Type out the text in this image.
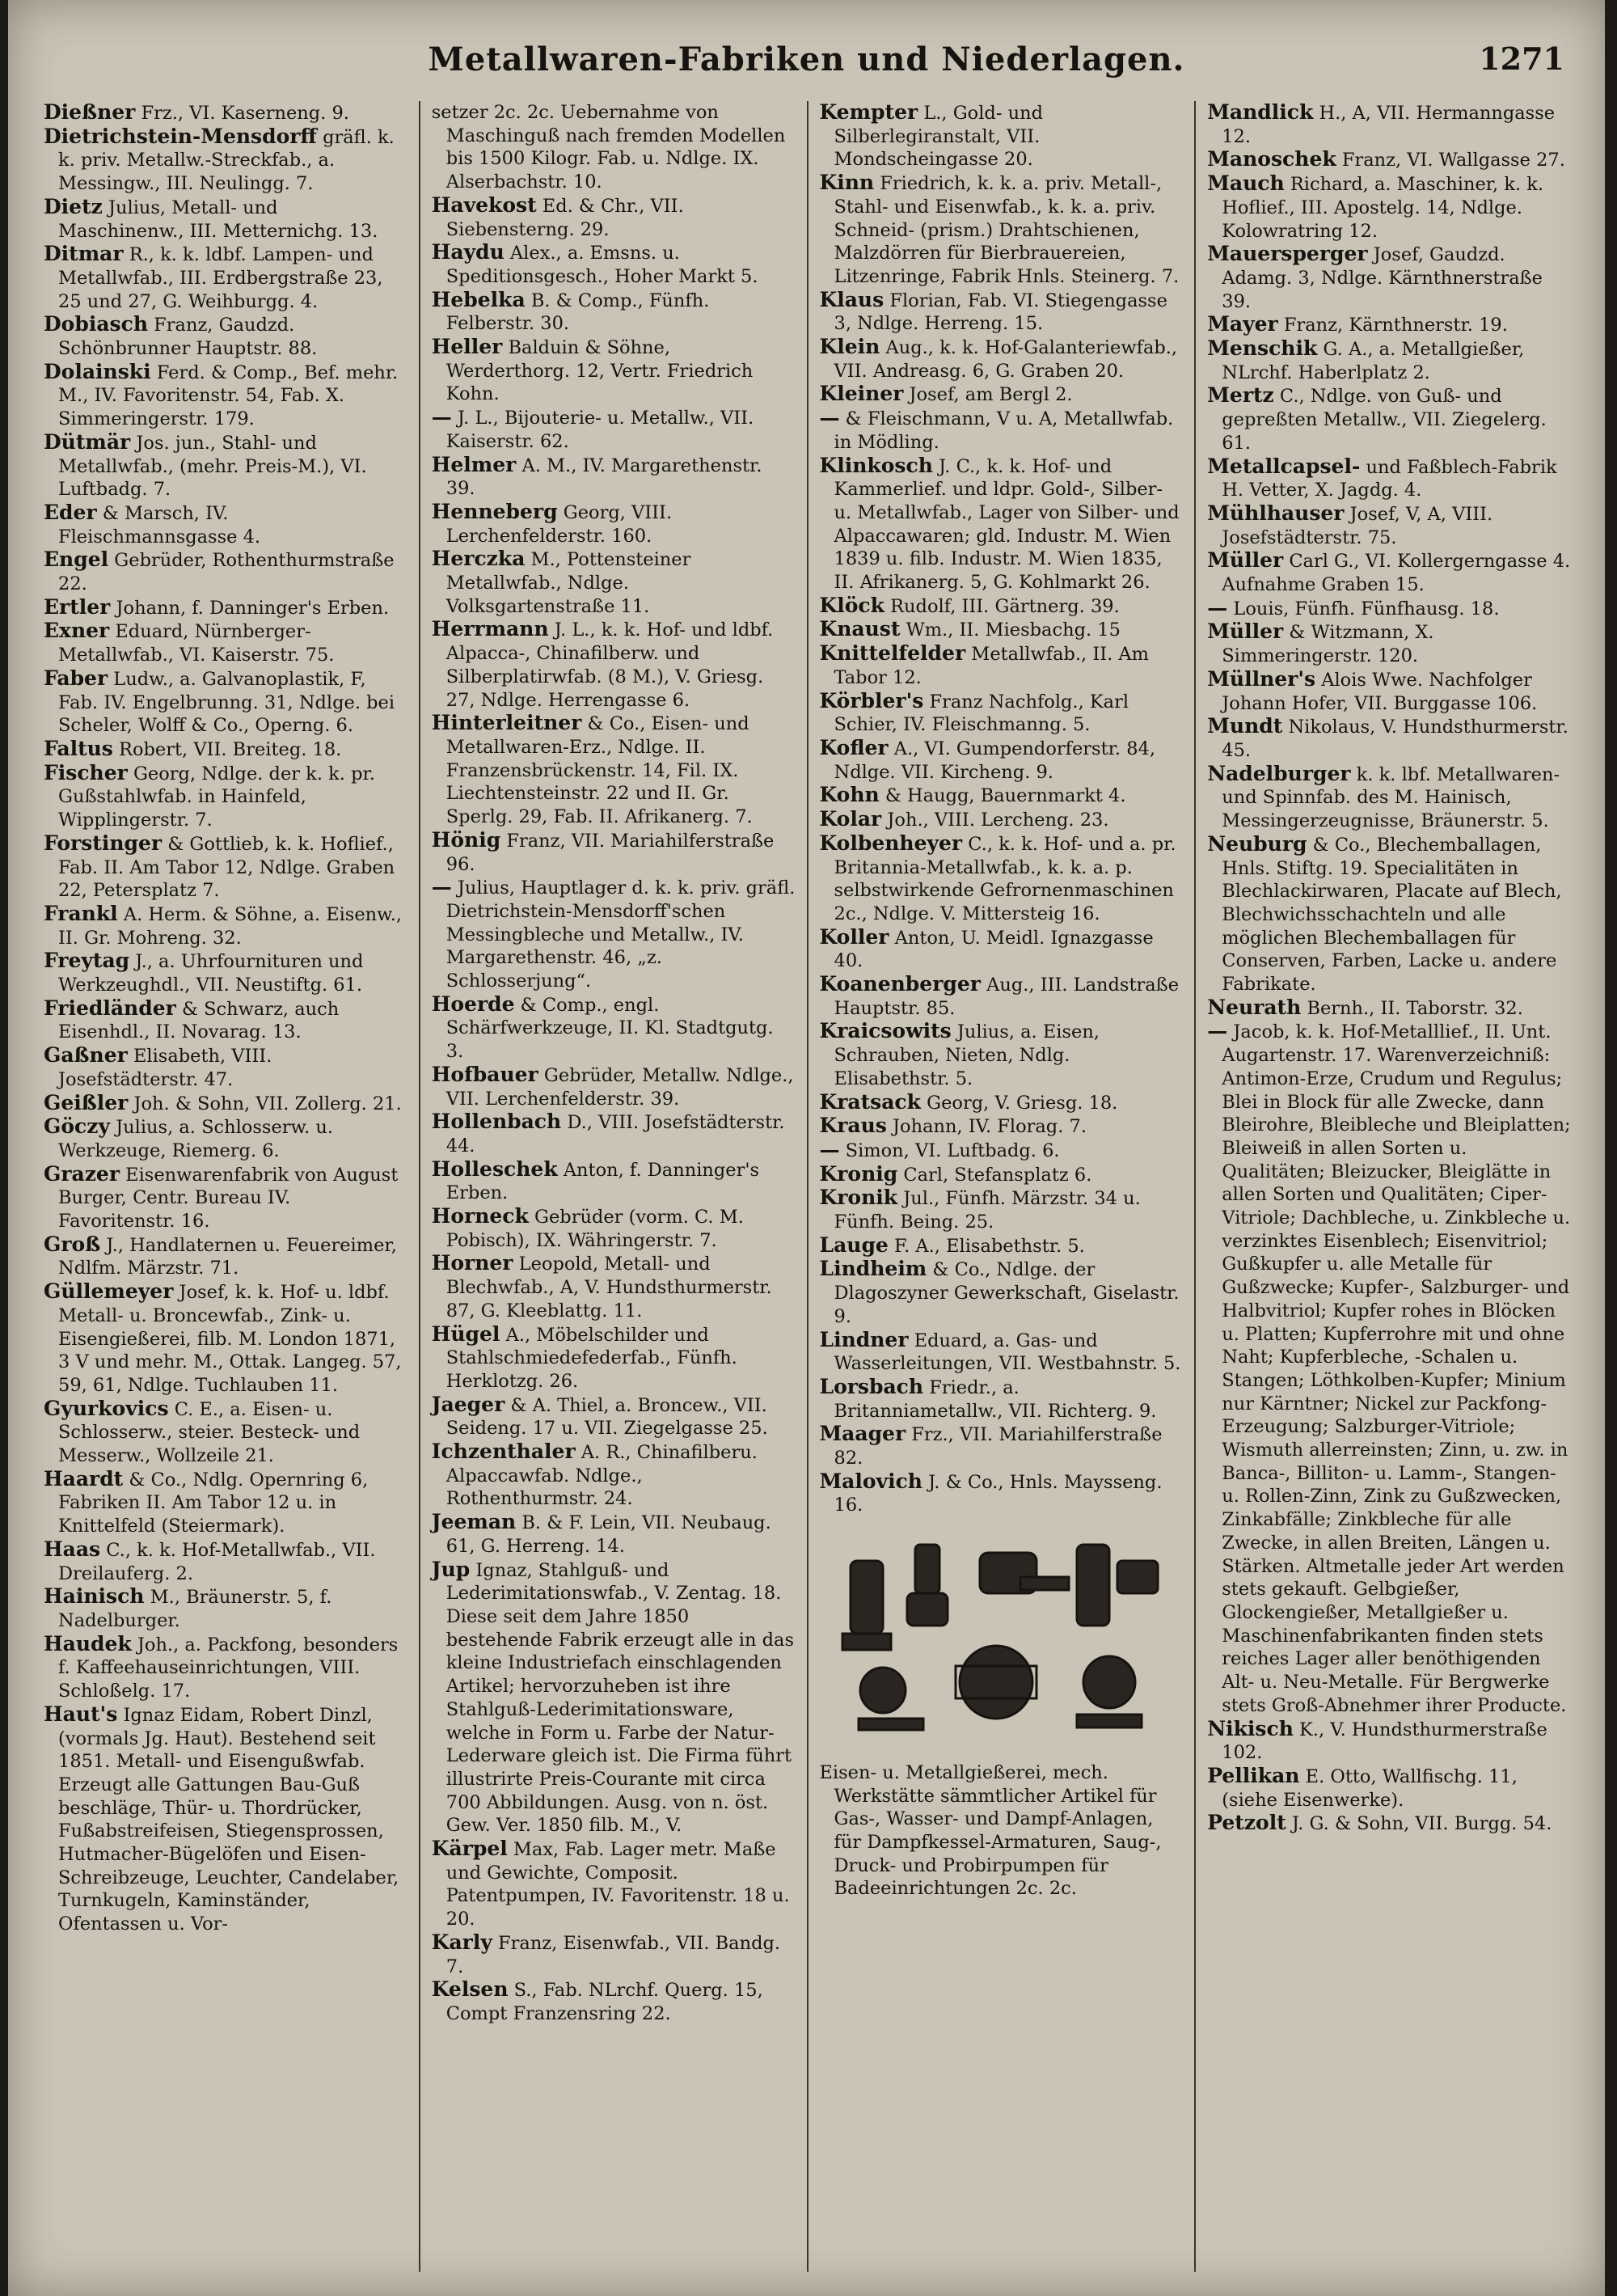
Metallwaren-Fabriken und Niederlagen.	1271
Dießner Frz., VI. Kaserneng. 9.
Dietrichstein-Mensdorff gräfl. k. k. priv. Metallw.-Streckfab., a. Messingw., III. Neulingg. 7.
Dietz Julius, Metall- und Maschinenw., III. Metternichg. 13.
Ditmar R., k. k. ldbf. Lampen- und Metallwfab., III. Erdbergstraße 23, 25 und 27, G. Weihburgg. 4.
Dobiasch Franz, Gaudzd. Schönbrunner Hauptstr. 88.
Dolainski Ferd. & Comp., Bef. mehr. M., IV. Favoritenstr. 54, Fab. X. Simmeringerstr. 179.
Dütmär Jos. jun., Stahl- und Metallwfab., (mehr. Preis-M.), VI. Luftbadg. 7.
Eder & Marsch, IV. Fleischmannsgasse 4.
Engel Gebrüder, Rothenthurmstraße 22.
Ertler Johann, f. Danninger's Erben.
Exner Eduard, Nürnberger-Metallwfab., VI. Kaiserstr. 75.
Faber Ludw., a. Galvanoplastik, F, Fab. IV. Engelbrunng. 31, Ndlge. bei Scheler, Wolff & Co., Operng. 6.
Faltus Robert, VII. Breiteg. 18.
Fischer Georg, Ndlge. der k. k. pr. Gußstahlwfab. in Hainfeld, Wipplingerstr. 7.
Forstinger & Gottlieb, k. k. Hoflief., Fab. II. Am Tabor 12, Ndlge. Graben 22, Petersplatz 7.
Frankl A. Herm. & Söhne, a. Eisenw., II. Gr. Mohreng. 32.
Freytag J., a. Uhrfournituren und Werkzeughdl., VII. Neustiftg. 61.
Friedländer & Schwarz, auch Eisenhdl., II. Novarag. 13.
Gaßner Elisabeth, VIII. Josefstädterstr. 47.
Geißler Joh. & Sohn, VII. Zollerg. 21.
Göczy Julius, a. Schlosserw. u. Werkzeuge, Riemerg. 6.
Grazer Eisenwarenfabrik von August Burger, Centr. Bureau IV. Favoritenstr. 16.
Groß J., Handlaternen u. Feuereimer, Ndlfm. Märzstr. 71.
Güllemeyer Josef, k. k. Hof- u. ldbf. Metall- u. Broncewfab., Zink- u. Eisengießerei, filb. M. London 1871, 3 V und mehr. M., Ottak. Langeg. 57, 59, 61, Ndlge. Tuchlauben 11.
Gyurkovics C. E., a. Eisen- u. Schlosserw., steier. Besteck- und Messerw., Wollzeile 21.
Haardt & Co., Ndlg. Opernring 6, Fabriken II. Am Tabor 12 u. in Knittelfeld (Steiermark).
Haas C., k. k. Hof-Metallwfab., VII. Dreilauferg. 2.
Hainisch M., Bräunerstr. 5, f. Nadelburger.
Haudek Joh., a. Packfong, besonders f. Kaffeehauseinrichtungen, VIII. Schloßelg. 17.
Haut's Ignaz Eidam, Robert Dinzl, (vormals Jg. Haut). Bestehend seit 1851. Metall- und Eisengußwfab. Erzeugt alle Gattungen Bau-Guß beschläge, Thür- u. Thordrücker, Fußabstreifeisen, Stiegensprossen, Hutmacher-Bügelöfen und Eisen-Schreibzeuge, Leuchter, Candelaber, Turnkugeln, Kaminständer, Ofentassen u. Vor-
setzer 2c. 2c. Uebernahme von Maschinguß nach fremden Modellen bis 1500 Kilogr. Fab. u. Ndlge. IX. Alserbachstr. 10.
Havekost Ed. & Chr., VII. Siebensterng. 29.
Haydu Alex., a. Emsns. u. Speditionsgesch., Hoher Markt 5.
Hebelka B. & Comp., Fünfh. Felberstr. 30.
Heller Balduin & Söhne, Werderthorg. 12, Vertr. Friedrich Kohn.
— J. L., Bijouterie- u. Metallw., VII. Kaiserstr. 62.
Helmer A. M., IV. Margarethenstr. 39.
Henneberg Georg, VIII. Lerchenfelderstr. 160.
Herczka M., Pottensteiner Metallwfab., Ndlge. Volksgartenstraße 11.
Herrmann J. L., k. k. Hof- und ldbf. Alpacca-, Chinafilberw. und Silberplatirwfab. (8 M.), V. Griesg. 27, Ndlge. Herrengasse 6.
Hinterleitner & Co., Eisen- und Metallwaren-Erz., Ndlge. II. Franzensbrückenstr. 14, Fil. IX. Liechtensteinstr. 22 und II. Gr. Sperlg. 29, Fab. II. Afrikanerg. 7.
Hönig Franz, VII. Mariahilferstraße 96.
— Julius, Hauptlager d. k. k. priv. gräfl. Dietrichstein-Mensdorff'schen Messingbleche und Metallw., IV. Margarethenstr. 46, „z. Schlosserjung“.
Hoerde & Comp., engl. Schärfwerkzeuge, II. Kl. Stadtgutg. 3.
Hofbauer Gebrüder, Metallw. Ndlge., VII. Lerchenfelderstr. 39.
Hollenbach D., VIII. Josefstädterstr. 44.
Holleschek Anton, f. Danninger's Erben.
Horneck Gebrüder (vorm. C. M. Pobisch), IX. Währingerstr. 7.
Horner Leopold, Metall- und Blechwfab., A, V. Hundsthurmerstr. 87, G. Kleeblattg. 11.
Hügel A., Möbelschilder und Stahlschmiedefederfab., Fünfh. Herklotzg. 26.
Jaeger & A. Thiel, a. Broncew., VII. Seideng. 17 u. VII. Ziegelgasse 25.
Ichzenthaler A. R., Chinafilberu. Alpaccawfab. Ndlge., Rothenthurmstr. 24.
Jeeman B. & F. Lein, VII. Neubaug. 61, G. Herreng. 14.
Jup Ignaz, Stahlguß- und Lederimitationswfab., V. Zentag. 18. Diese seit dem Jahre 1850 bestehende Fabrik erzeugt alle in das kleine Industriefach einschlagenden Artikel; hervorzuheben ist ihre Stahlguß-Lederimitationsware, welche in Form u. Farbe der Natur-Lederware gleich ist. Die Firma führt illustrirte Preis-Courante mit circa 700 Abbildungen. Ausg. von n. öst. Gew. Ver. 1850 filb. M., V.
Kärpel Max, Fab. Lager metr. Maße und Gewichte, Composit. Patentpumpen, IV. Favoritenstr. 18 u. 20.
Karly Franz, Eisenwfab., VII. Bandg. 7.
Kelsen S., Fab. NLrchf. Querg. 15, Compt Franzensring 22.
Kempter L., Gold- und Silberlegiranstalt, VII. Mondscheingasse 20.
Kinn Friedrich, k. k. a. priv. Metall-, Stahl- und Eisenwfab., k. k. a. priv. Schneid- (prism.) Drahtschienen, Malzdörren für Bierbrauereien, Litzenringe, Fabrik Hnls. Steinerg. 7.
Klaus Florian, Fab. VI. Stiegengasse 3, Ndlge. Herreng. 15.
Klein Aug., k. k. Hof-Galanteriewfab., VII. Andreasg. 6, G. Graben 20.
Kleiner Josef, am Bergl 2.
— & Fleischmann, V u. A, Metallwfab. in Mödling.
Klinkosch J. C., k. k. Hof- und Kammerlief. und ldpr. Gold-, Silber- u. Metallwfab., Lager von Silber- und Alpaccawaren; gld. Industr. M. Wien 1839 u. filb. Industr. M. Wien 1835, II. Afrikanerg. 5, G. Kohlmarkt 26.
Klöck Rudolf, III. Gärtnerg. 39.
Knaust Wm., II. Miesbachg. 15
Knittelfelder Metallwfab., II. Am Tabor 12.
Körbler's Franz Nachfolg., Karl Schier, IV. Fleischmanng. 5.
Kofler A., VI. Gumpendorferstr. 84, Ndlge. VII. Kircheng. 9.
Kohn & Haugg, Bauernmarkt 4.
Kolar Joh., VIII. Lercheng. 23.
Kolbenheyer C., k. k. Hof- und a. pr. Britannia-Metallwfab., k. k. a. p. selbstwirkende Gefrornenmaschinen 2c., Ndlge. V. Mittersteig 16.
Koller Anton, U. Meidl. Ignazgasse 40.
Koanenberger Aug., III. Landstraße Hauptstr. 85.
Kraicsowits Julius, a. Eisen, Schrauben, Nieten, Ndlg. Elisabethstr. 5.
Kratsack Georg, V. Griesg. 18.
Kraus Johann, IV. Florag. 7.
— Simon, VI. Luftbadg. 6.
Kronig Carl, Stefansplatz 6.
Kronik Jul., Fünfh. Märzstr. 34 u. Fünfh. Being. 25.
Lauge F. A., Elisabethstr. 5.
Lindheim & Co., Ndlge. der Dlagoszyner Gewerkschaft, Giselastr. 9.
Lindner Eduard, a. Gas- und Wasserleitungen, VII. Westbahnstr. 5.
Lorsbach Friedr., a. Britanniametallw., VII. Richterg. 9.
Maager Frz., VII. Mariahilferstraße 82.
Malovich J. & Co., Hnls. Maysseng. 16.
Eisen- u. Metallgießerei, mech. Werkstätte sämmtlicher Artikel für Gas-, Wasser- und Dampf-Anlagen, für Dampfkessel-Armaturen, Saug-, Druck- und Probirpumpen für Badeeinrichtungen 2c. 2c.
Mandlick H., A, VII. Hermanngasse 12.
Manoschek Franz, VI. Wallgasse 27.
Mauch Richard, a. Maschiner, k. k. Hoflief., III. Apostelg. 14, Ndlge. Kolowratring 12.
Mauersperger Josef, Gaudzd. Adamg. 3, Ndlge. Kärnthnerstraße 39.
Mayer Franz, Kärnthnerstr. 19.
Menschik G. A., a. Metallgießer, NLrchf. Haberlplatz 2.
Mertz C., Ndlge. von Guß- und gepreßten Metallw., VII. Ziegelerg. 61.
Metallcapsel- und Faßblech-Fabrik H. Vetter, X. Jagdg. 4.
Mühlhauser Josef, V, A, VIII. Josefstädterstr. 75.
Müller Carl G., VI. Kollergerngasse 4. Aufnahme Graben 15.
— Louis, Fünfh. Fünfhausg. 18.
Müller & Witzmann, X. Simmeringerstr. 120.
Müllner's Alois Wwe. Nachfolger Johann Hofer, VII. Burggasse 106.
Mundt Nikolaus, V. Hundsthurmerstr. 45.
Nadelburger k. k. lbf. Metallwaren- und Spinnfab. des M. Hainisch, Messingerzeugnisse, Bräunerstr. 5.
Neuburg & Co., Blechemballagen, Hnls. Stiftg. 19. Specialitäten in Blechlackirwaren, Placate auf Blech, Blechwichsschachteln und alle möglichen Blechemballagen für Conserven, Farben, Lacke u. andere Fabrikate.
Neurath Bernh., II. Taborstr. 32.
— Jacob, k. k. Hof-Metalllief., II. Unt. Augartenstr. 17. Warenverzeichniß: Antimon-Erze, Crudum und Regulus; Blei in Block für alle Zwecke, dann Bleirohre, Bleibleche und Bleiplatten; Bleiweiß in allen Sorten u. Qualitäten; Bleizucker, Bleiglätte in allen Sorten und Qualitäten; Ciper-Vitriole; Dachbleche, u. Zinkbleche u. verzinktes Eisenblech; Eisenvitriol; Gußkupfer u. alle Metalle für Gußzwecke; Kupfer-, Salzburger- und Halbvitriol; Kupfer rohes in Blöcken u. Platten; Kupferrohre mit und ohne Naht; Kupferbleche, -Schalen u. Stangen; Löthkolben-Kupfer; Minium nur Kärntner; Nickel zur Packfong-Erzeugung; Salzburger-Vitriole; Wismuth allerreinsten; Zinn, u. zw. in Banca-, Billiton- u. Lamm-, Stangen- u. Rollen-Zinn, Zink zu Gußzwecken, Zinkabfälle; Zinkbleche für alle Zwecke, in allen Breiten, Längen u. Stärken. Altmetalle jeder Art werden stets gekauft. Gelbgießer, Glockengießer, Metallgießer u. Maschinenfabrikanten finden stets reiches Lager aller benöthigenden Alt- u. Neu-Metalle. Für Bergwerke stets Groß-Abnehmer ihrer Producte.
Nikisch K., V. Hundsthurmerstraße 102.
Pellikan E. Otto, Wallfischg. 11, (siehe Eisenwerke).
Petzolt J. G. & Sohn, VII. Burgg. 54.
